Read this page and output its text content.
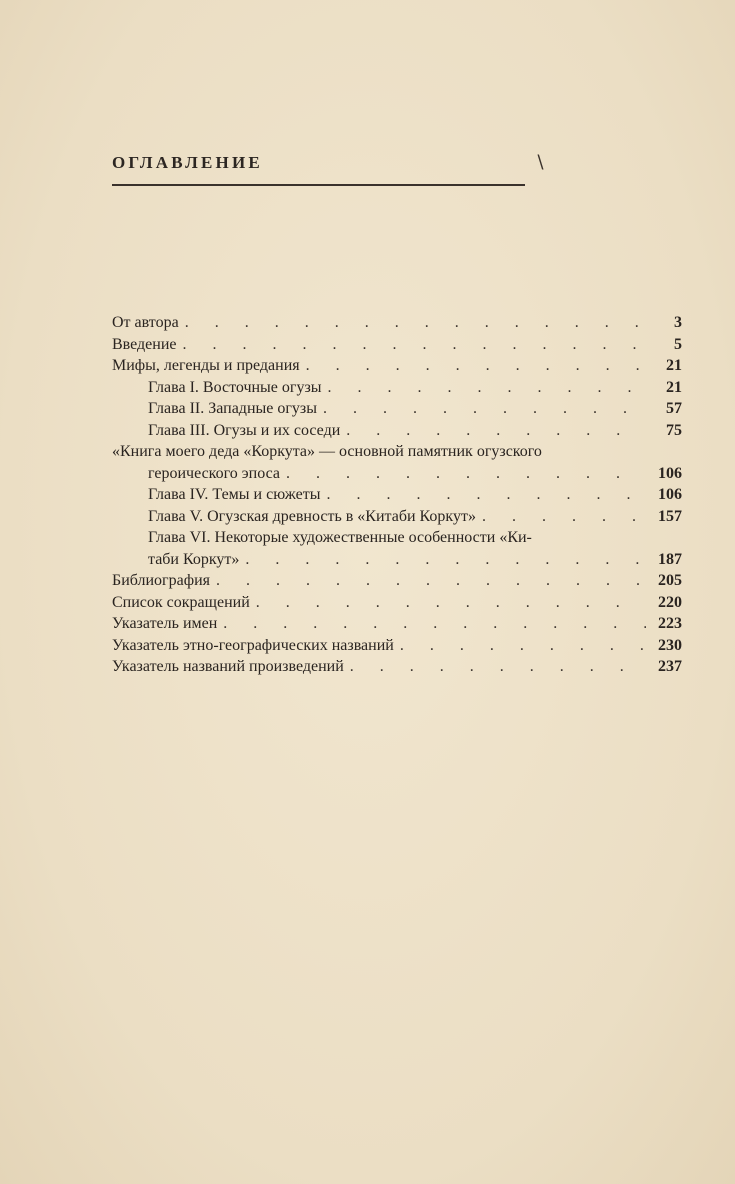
ОГЛАВЛЕНИЕ	∖
От автора . . .	3
Введение . . .	5
Мифы, легенды и предания . . .	21
Глава I. Восточные огузы . . .	21
Глава II. Западные огузы . . .	57
Глава III. Огузы и их соседи . . .	75
«Книга моего деда «Коркута» — основной памятник огузского
героического эпоса . . .	106
Глава IV. Темы и сюжеты . . .	106
Глава V. Огузская древность в «Китаби Коркут» . . .	157
Глава VI. Некоторые художественные особенности «Ки-
таби Коркут» . . .	187
Библиография . . .	205
Список сокращений . . .	220
Указатель имен . . .	223
Указатель этно-географических названий . . .	230
Указатель названий произведений . . .	237
